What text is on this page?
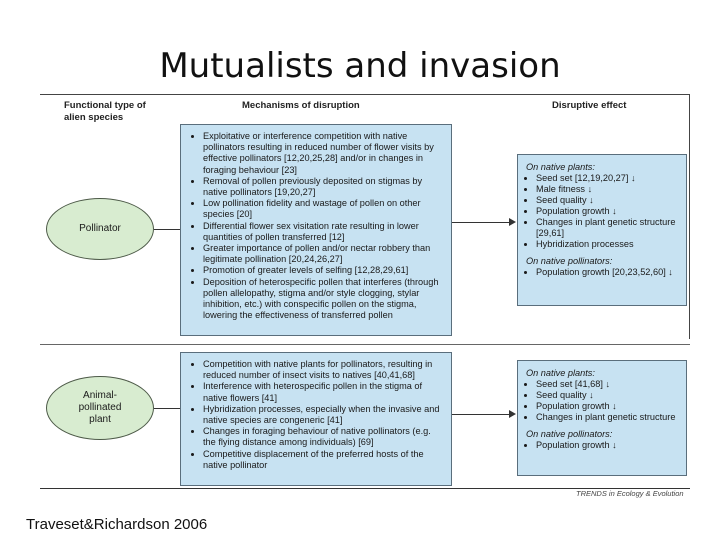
Mutualists and invasion
Functional type of alien species
Mechanisms of disruption	Disruptive effect
Pollinator
• Exploitative or interference competition with native pollinators resulting in reduced number of flower visits by effective pollinators [12,20,25,28] and/or in changes in foraging behaviour [23]
• Removal of pollen previously deposited on stigmas by native pollinators [19,20,27]
• Low pollination fidelity and wastage of pollen on other species [20]
• Differential flower sex visitation rate resulting in lower quantities of pollen transferred [12]
• Greater importance of pollen and/or nectar robbery than legitimate pollination [20,24,26,27]
• Promotion of greater levels of selfing [12,28,29,61]
• Deposition of heterospecific pollen that interferes (through pollen allelopathy, stigma and/or style clogging, stylar inhibition, etc.) with conspecific pollen on the stigma, lowering the effectiveness of transferred pollen
On native plants:
• Seed set [12,19,20,27] ↓
• Male fitness ↓
• Seed quality ↓
• Population growth ↓
• Changes in plant genetic structure [29,61]
• Hybridization processes
On native pollinators:
• Population growth [20,23,52,60] ↓
Animal-
pollinated
plant
• Competition with native plants for pollinators, resulting in reduced number of insect visits to natives [40,41,68]
• Interference with heterospecific pollen in the stigma of native flowers [41]
• Hybridization processes, especially when the invasive and native species are congeneric [41]
• Changes in foraging behaviour of native pollinators (e.g. the flying distance among individuals) [69]
• Competitive displacement of the preferred hosts of the native pollinator
On native plants:
• Seed set [41,68] ↓
• Seed quality ↓
• Population growth ↓
• Changes in plant genetic structure
On native pollinators:
• Population growth ↓
TRENDS in Ecology & Evolution
Traveset&Richardson 2006
